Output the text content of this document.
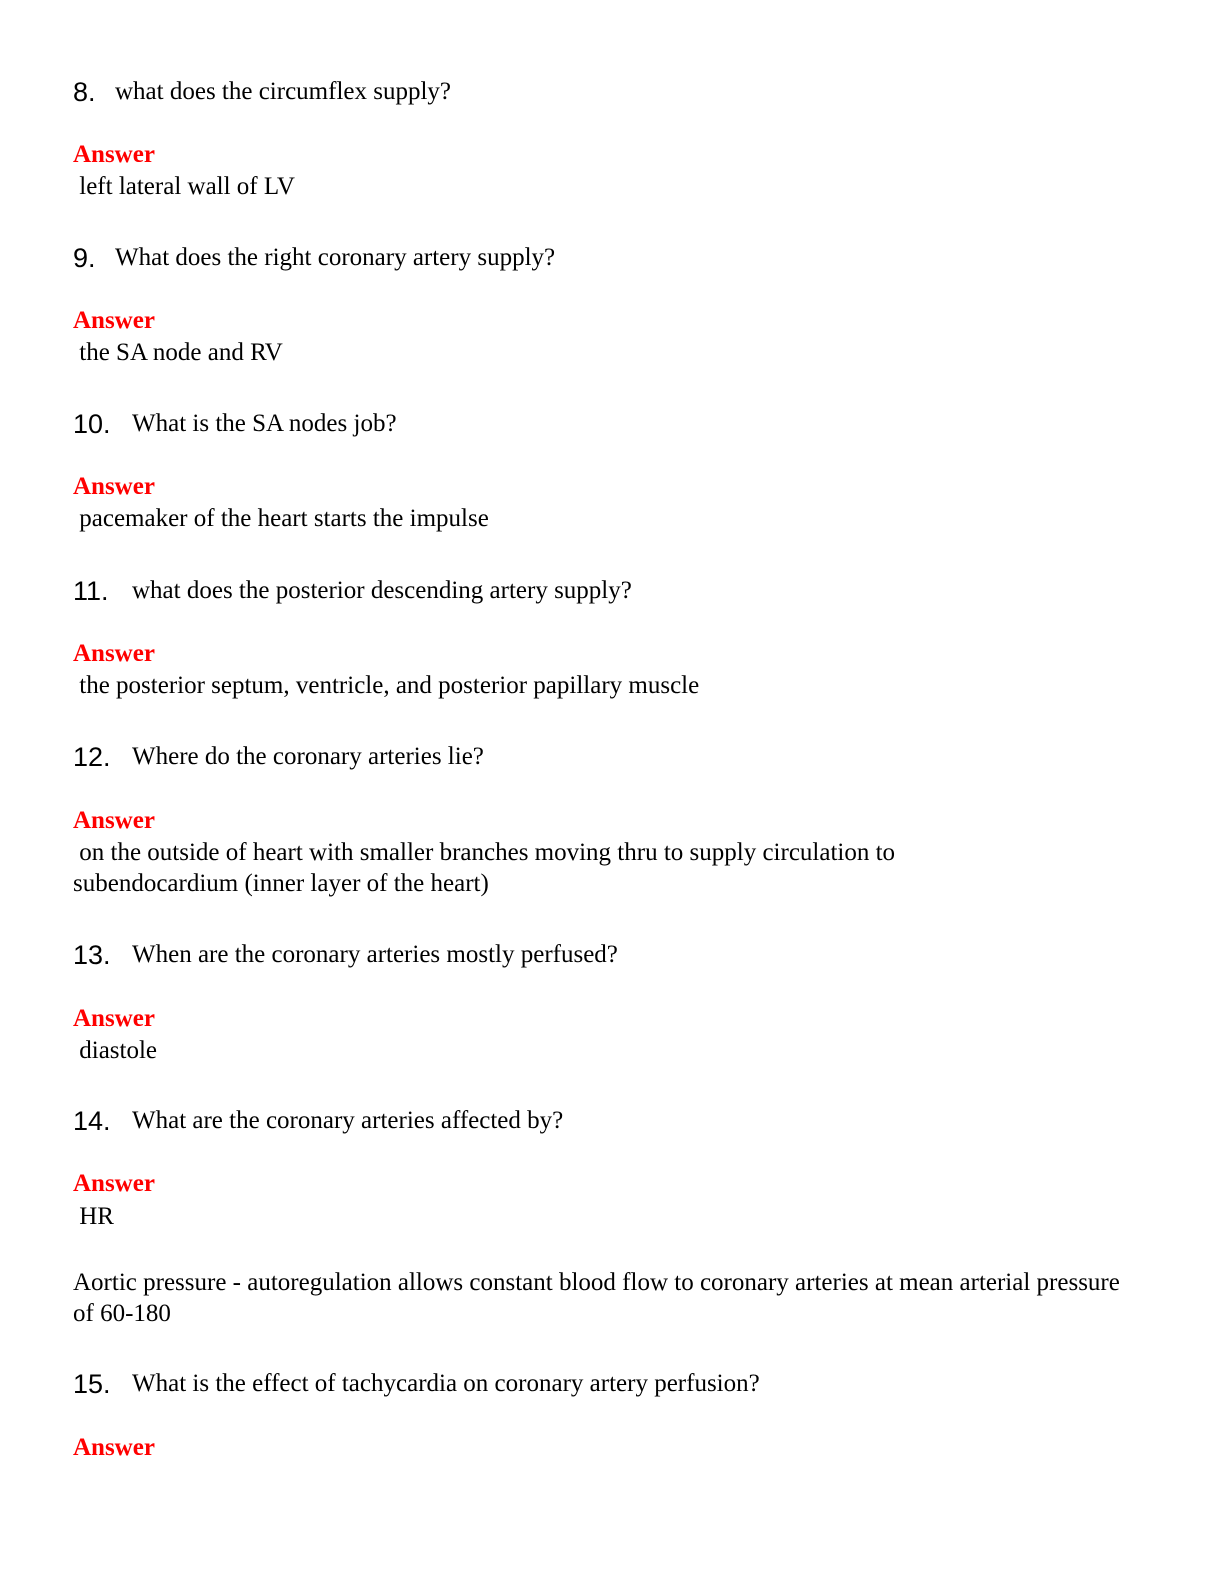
8. what does the circumflex supply?
Answer
left lateral wall of LV
9. What does the right coronary artery supply?
Answer
the SA node and RV
10. What is the SA nodes job?
Answer
pacemaker of the heart starts the impulse
11. what does the posterior descending artery supply?
Answer
the posterior septum, ventricle, and posterior papillary muscle
12. Where do the coronary arteries lie?
Answer
on the outside of heart with smaller branches moving thru to supply circulation to subendocardium (inner layer of the heart)
13. When are the coronary arteries mostly perfused?
Answer
diastole
14. What are the coronary arteries affected by?
Answer
HR
Aortic pressure - autoregulation allows constant blood flow to coronary arteries at mean arterial pressure of 60-180
15. What is the effect of tachycardia on coronary artery perfusion?
Answer
